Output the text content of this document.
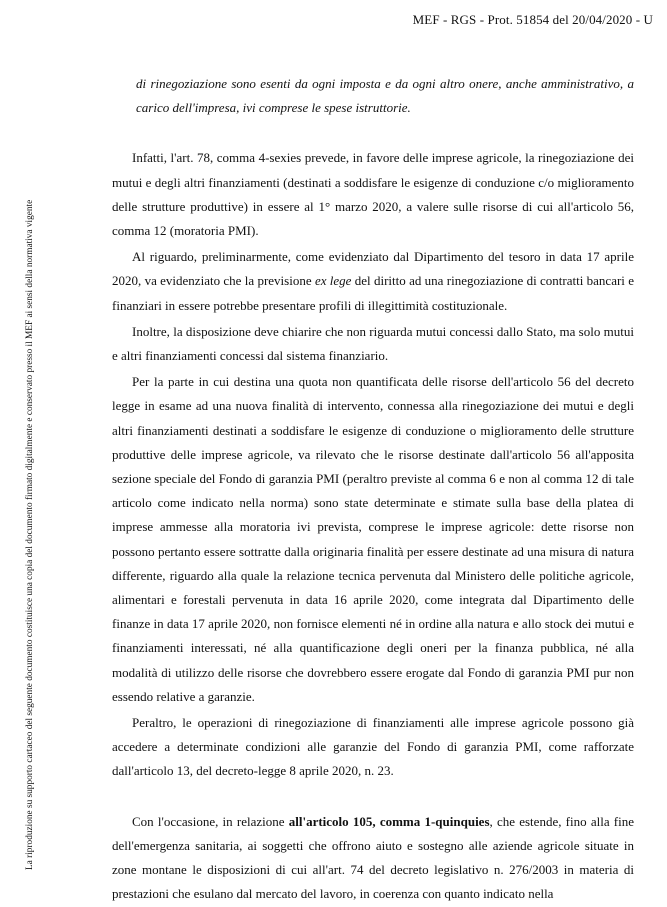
MEF - RGS - Prot. 51854 del 20/04/2020 - U
La riproduzione su supporto cartaceo del seguente documento costituisce una copia del documento firmato digitalmente e conservato presso il MEF ai sensi della normativa vigente

di rinegoziazione sono esenti da ogni imposta e da ogni altro onere, anche amministrativo, a carico dell'impresa, ivi comprese le spese istruttorie.

Infatti, l'art. 78, comma 4-sexies prevede, in favore delle imprese agricole, la rinegoziazione dei mutui e degli altri finanziamenti (destinati a soddisfare le esigenze di conduzione c/o miglioramento delle strutture produttive) in essere al 1° marzo 2020, a valere sulle risorse di cui all'articolo 56, comma 12 (moratoria PMI).

Al riguardo, preliminarmente, come evidenziato dal Dipartimento del tesoro in data 17 aprile 2020, va evidenziato che la previsione ex lege del diritto ad una rinegoziazione di contratti bancari e finanziari in essere potrebbe presentare profili di illegittimità costituzionale.

Inoltre, la disposizione deve chiarire che non riguarda mutui concessi dallo Stato, ma solo mutui e altri finanziamenti concessi dal sistema finanziario.

Per la parte in cui destina una quota non quantificata delle risorse dell'articolo 56 del decreto legge in esame ad una nuova finalità di intervento, connessa alla rinegoziazione dei mutui e degli altri finanziamenti destinati a soddisfare le esigenze di conduzione o miglioramento delle strutture produttive delle imprese agricole, va rilevato che le risorse destinate dall'articolo 56 all'apposita sezione speciale del Fondo di garanzia PMI (peraltro previste al comma 6 e non al comma 12 di tale articolo come indicato nella norma) sono state determinate e stimate sulla base della platea di imprese ammesse alla moratoria ivi prevista, comprese le imprese agricole: dette risorse non possono pertanto essere sottratte dalla originaria finalità per essere destinate ad una misura di natura differente, riguardo alla quale la relazione tecnica pervenuta dal Ministero delle politiche agricole, alimentari e forestali pervenuta in data 16 aprile 2020, come integrata dal Dipartimento delle finanze in data 17 aprile 2020, non fornisce elementi né in ordine alla natura e allo stock dei mutui e finanziamenti interessati, né alla quantificazione degli oneri per la finanza pubblica, né alla modalità di utilizzo delle risorse che dovrebbero essere erogate dal Fondo di garanzia PMI pur non essendo relative a garanzie.

Peraltro, le operazioni di rinegoziazione di finanziamenti alle imprese agricole possono già accedere a determinate condizioni alle garanzie del Fondo di garanzia PMI, come rafforzate dall'articolo 13, del decreto-legge 8 aprile 2020, n. 23.

Con l'occasione, in relazione all'articolo 105, comma 1-quinquies, che estende, fino alla fine dell'emergenza sanitaria, ai soggetti che offrono aiuto e sostegno alle aziende agricole situate in zone montane le disposizioni di cui all'art. 74 del decreto legislativo n. 276/2003 in materia di prestazioni che esulano dal mercato del lavoro, in coerenza con quanto indicato nella
